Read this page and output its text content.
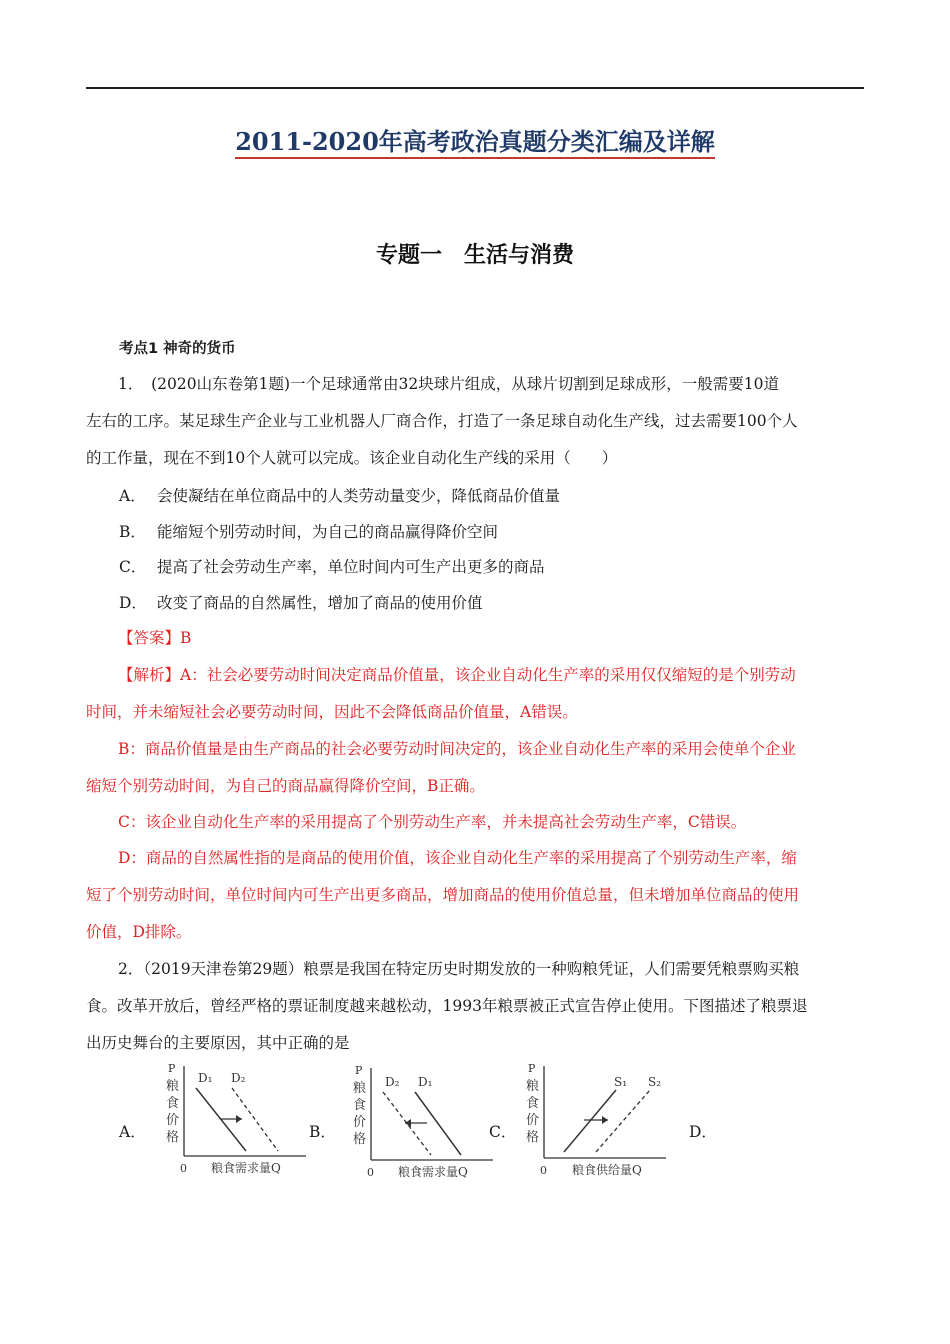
2011-2020年高考政治真题分类汇编及详解
专题一　生活与消费
考点1 神奇的货币
1．　(2020山东卷第1题)一个足球通常由32块球片组成，从球片切割到足球成形，一般需要10道
左右的工序。某足球生产企业与工业机器人厂商合作，打造了一条足球自动化生产线，过去需要100个人
的工作量，现在不到10个人就可以完成。该企业自动化生产线的采用（　　）
A． 会使凝结在单位商品中的人类劳动量变少，降低商品价值量
B． 能缩短个别劳动时间，为自己的商品赢得降价空间
C． 提高了社会劳动生产率，单位时间内可生产出更多的商品
D． 改变了商品的自然属性，增加了商品的使用价值
【答案】B
【解析】A：社会必要劳动时间决定商品价值量，该企业自动化生产率的采用仅仅缩短的是个别劳动
时间，并未缩短社会必要劳动时间，因此不会降低商品价值量，A错误。
B：商品价值量是由生产商品的社会必要劳动时间决定的，该企业自动化生产率的采用会使单个企业
缩短个别劳动时间，为自己的商品赢得降价空间，B正确。
C：该企业自动化生产率的采用提高了个别劳动生产率，并未提高社会劳动生产率，C错误。
D：商品的自然属性指的是商品的使用价值，该企业自动化生产率的采用提高了个别劳动生产率，缩
短了个别劳动时间，单位时间内可生产出更多商品，增加商品的使用价值总量，但未增加单位商品的使用
价值，D排除。
2．（2019天津卷第29题）粮票是我国在特定历史时期发放的一种购粮凭证，人们需要凭粮票购买粮
食。改革开放后，曾经严格的票证制度越来越松动，1993年粮票被正式宣告停止使用。下图描述了粮票退
出历史舞台的主要原因，其中正确的是
A．
P
粮
食
价
格
0 粮食需求量Q
D₁ D₂
B．
P
粮
食
价
格
0 粮食需求量Q
D₂ D₁
C．
P
粮
食
价
格
0 粮食供给量Q
S₁ S₂
D．
